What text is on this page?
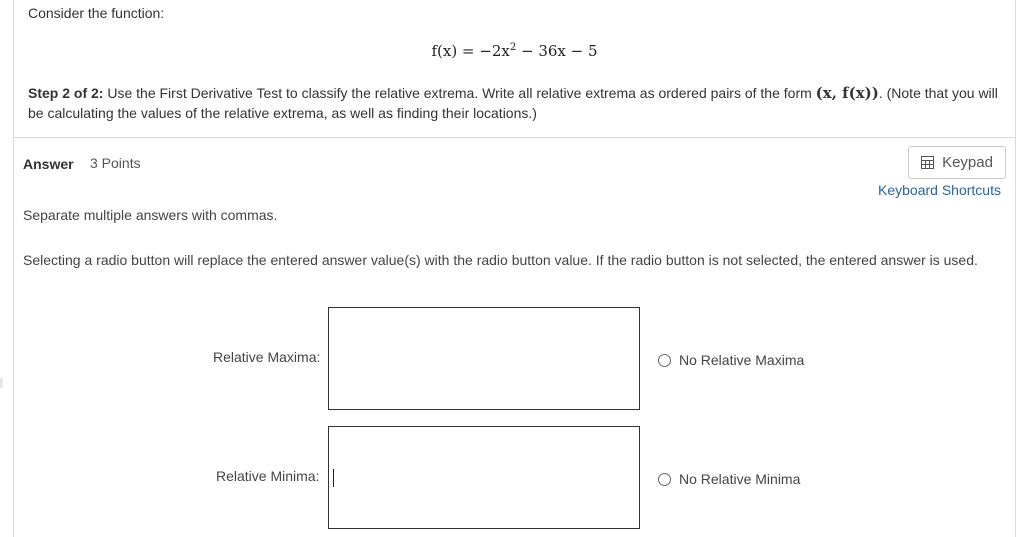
Consider the function:
$f(x) = -2x^2 - 36x - 5$
Step 2 of 2: Use the First Derivative Test to classify the relative extrema. Write all relative extrema as ordered pairs of the form (x, f(x)). (Note that you will be calculating the values of the relative extrema, as well as finding their locations.)
Answer 3 Points	Keypad
Keyboard Shortcuts
Separate multiple answers with commas.
Selecting a radio button will replace the entered answer value(s) with the radio button value. If the radio button is not selected, the entered answer is used.
Relative Maxima:	No Relative Maxima
Relative Minima:	No Relative Minima
